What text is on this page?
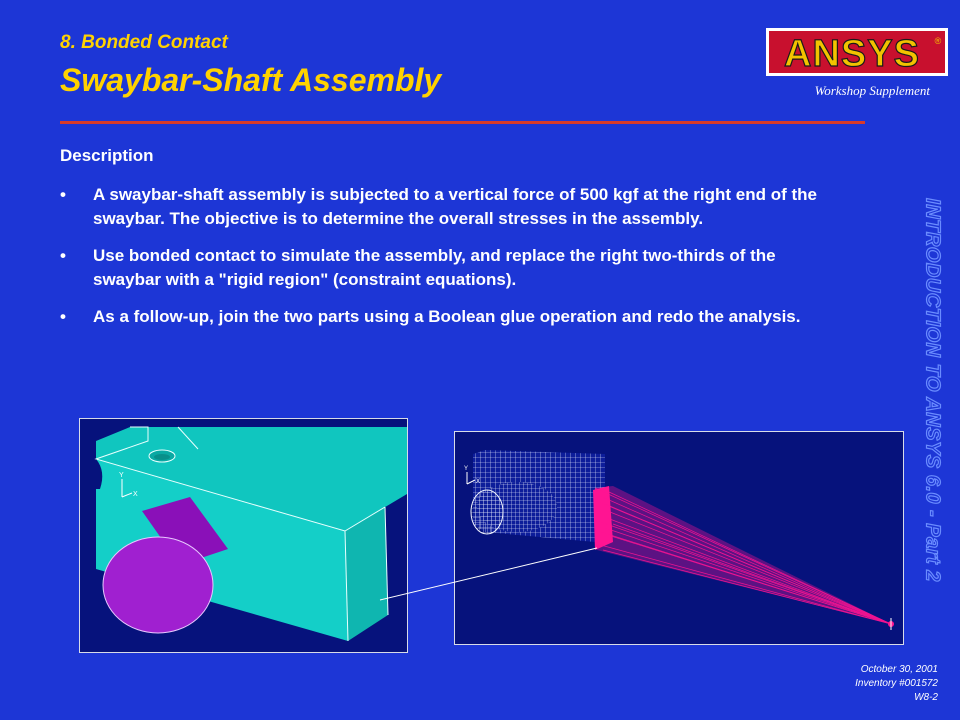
8. Bonded Contact
Swaybar-Shaft Assembly
ANSYS ®
Workshop Supplement
INTRODUCTION TO ANSYS 6.0 - Part 2
Description
• A swaybar-shaft assembly is subjected to a vertical force of 500 kgf at the right end of the swaybar. The objective is to determine the overall stresses in the assembly.
• Use bonded contact to simulate the assembly, and replace the right two-thirds of the swaybar with a "rigid region" (constraint equations).
• As a follow-up, join the two parts using a Boolean glue operation and redo the analysis.
Y
X
Y
X
October 30, 2001
Inventory #001572
W8-2
